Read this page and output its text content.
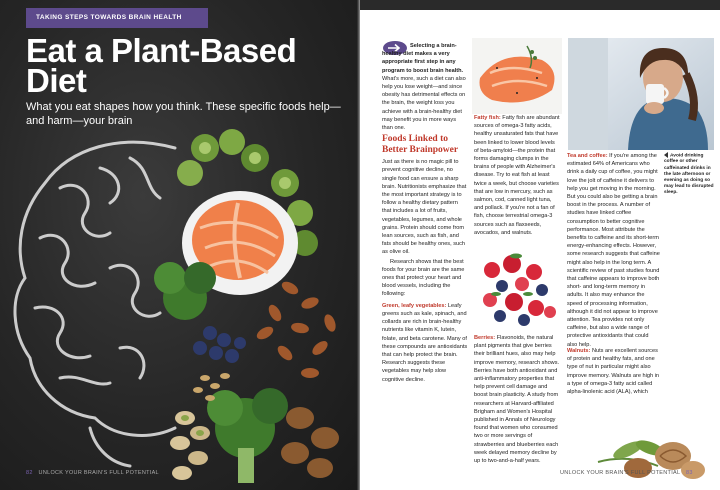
TAKING STEPS TOWARDS BRAIN HEALTH
Eat a Plant-Based
Diet

What you eat shapes how you think. These specific foods help—and harm—your brain

82 UNLOCK YOUR BRAIN'S FULL POTENTIAL

Selecting a brain-healthy diet makes a very appropriate first step in any program to boost brain health. What's more, such a diet can also help you lose weight—and since obesity has detrimental effects on the brain, the weight loss you achieve with a brain-healthy diet may benefit you in more ways than one.

Foods Linked to Better Brainpower

Just as there is no magic pill to prevent cognitive decline, no single food can ensure a sharp brain. Nutritionists emphasize that the most important strategy is to follow a healthy dietary pattern that includes a lot of fruits, vegetables, legumes, and whole grains. Protein should come from lean sources, such as fish, and fats should be healthy ones, such as olive oil.

Research shows that the best foods for your brain are the same ones that protect your heart and blood vessels, including the following:

Green, leafy vegetables: Leafy greens such as kale, spinach, and collards are rich in brain-healthy nutrients like vitamin K, lutein, folate, and beta carotene. Many of these compounds are antioxidants that can help protect the brain. Research suggests these vegetables may help slow cognitive decline.

Fatty fish: Fatty fish are abundant sources of omega-3 fatty acids, healthy unsaturated fats that have been linked to lower blood levels of beta-amyloid—the protein that forms damaging clumps in the brains of people with Alzheimer's disease. Try to eat fish at least twice a week, but choose varieties that are low in mercury, such as salmon, cod, canned light tuna, and pollack. If you're not a fan of fish, choose terrestrial omega-3 sources such as flaxseeds, avocados, and walnuts.

Berries: Flavonoids, the natural plant pigments that give berries their brilliant hues, also may help improve memory, research shows. Berries have both antioxidant and anti-inflammatory properties that help prevent cell damage and boost brain plasticity. A study from researchers at Harvard-affiliated Brigham and Women's Hospital published in Annals of Neurology found that women who consumed two or more servings of strawberries and blueberries each week delayed memory decline by up to two-and-a-half years.

Avoid drinking coffee or other caffeinated drinks in the late afternoon or evening as doing so may lead to disrupted sleep.

Tea and coffee: If you're among the estimated 64% of Americans who drink a daily cup of coffee, you might love the jolt of caffeine it delivers to help you get moving in the morning. But you could also be getting a brain boost in the process. A number of studies have linked coffee consumption to better cognitive performance. Most attribute the benefits to caffeine and its short-term energy-enhancing effects. However, some research suggests that caffeine might also help in the long term. A scientific review of past studies found that caffeine appears to improve both short- and long-term memory in adults. It also may enhance the speed of processing information, although it did not appear to improve attention. Tea provides not only caffeine, but also a wide range of protective antioxidants that could also help.

Walnuts: Nuts are excellent sources of protein and healthy fats, and one type of nut in particular might also improve memory. Walnuts are high in a type of omega-3 fatty acid called alpha-linolenic acid (ALA), which

UNLOCK YOUR BRAIN'S FULL POTENTIAL 83
